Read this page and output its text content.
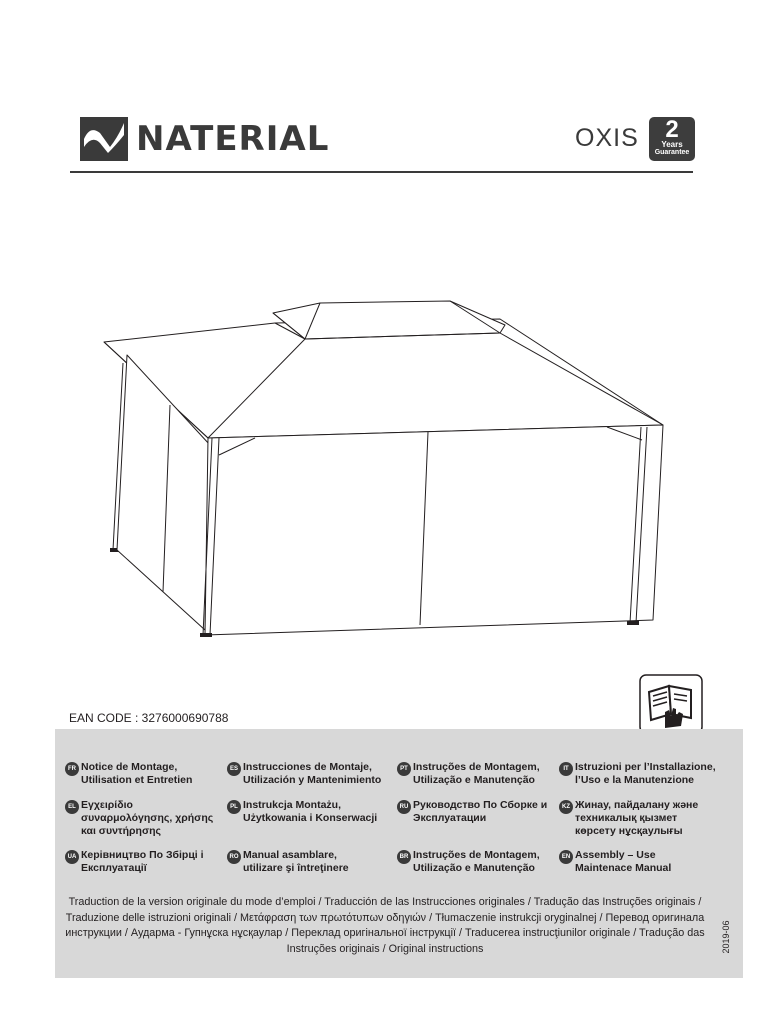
NATERIAL	OXIS	2
Years
Guarantee
EAN CODE : 3276000690788
FR Notice de Montage,
Utilisation et Entretien
ES Instrucciones de Montaje,
Utilización y Mantenimiento
PT Instruções de Montagem,
Utilização e Manutenção
IT Istruzioni per l’Installazione,
l’Uso e la Manutenzione
EL Εγχειρίδιο
συναρμολόγησης, χρήσης
και συντήρησης
PL Instrukcja Montażu,
Użytkowania i Konserwacji
RU Руководство По Сборке и
Эксплуатации
KZ Жинау, пайдалану және
техникалық қызмет
көрсету нұсқаулығы
UA Керівництво По Збірці і
Експлуатації
RO Manual asamblare,
utilizare şi întreţinere
BR Instruções de Montagem,
Utilização e Manutenção
EN Assembly – Use
Maintenace Manual
Traduction de la version originale du mode d’emploi / Traducción de las Instrucciones originales / Tradução das Instruções originais / Traduzione delle istruzioni originali / Μετάφραση των πρωτότυπων οδηγιών / Tłumaczenie instrukcji oryginalnej / Перевод оригинала инструкции / Аударма - Гупнұска нұсқаулар / Переклад оригінальної інструкції / Traducerea instrucţiunilor originale / Tradução das Instruções originais / Original instructions	2019-06
